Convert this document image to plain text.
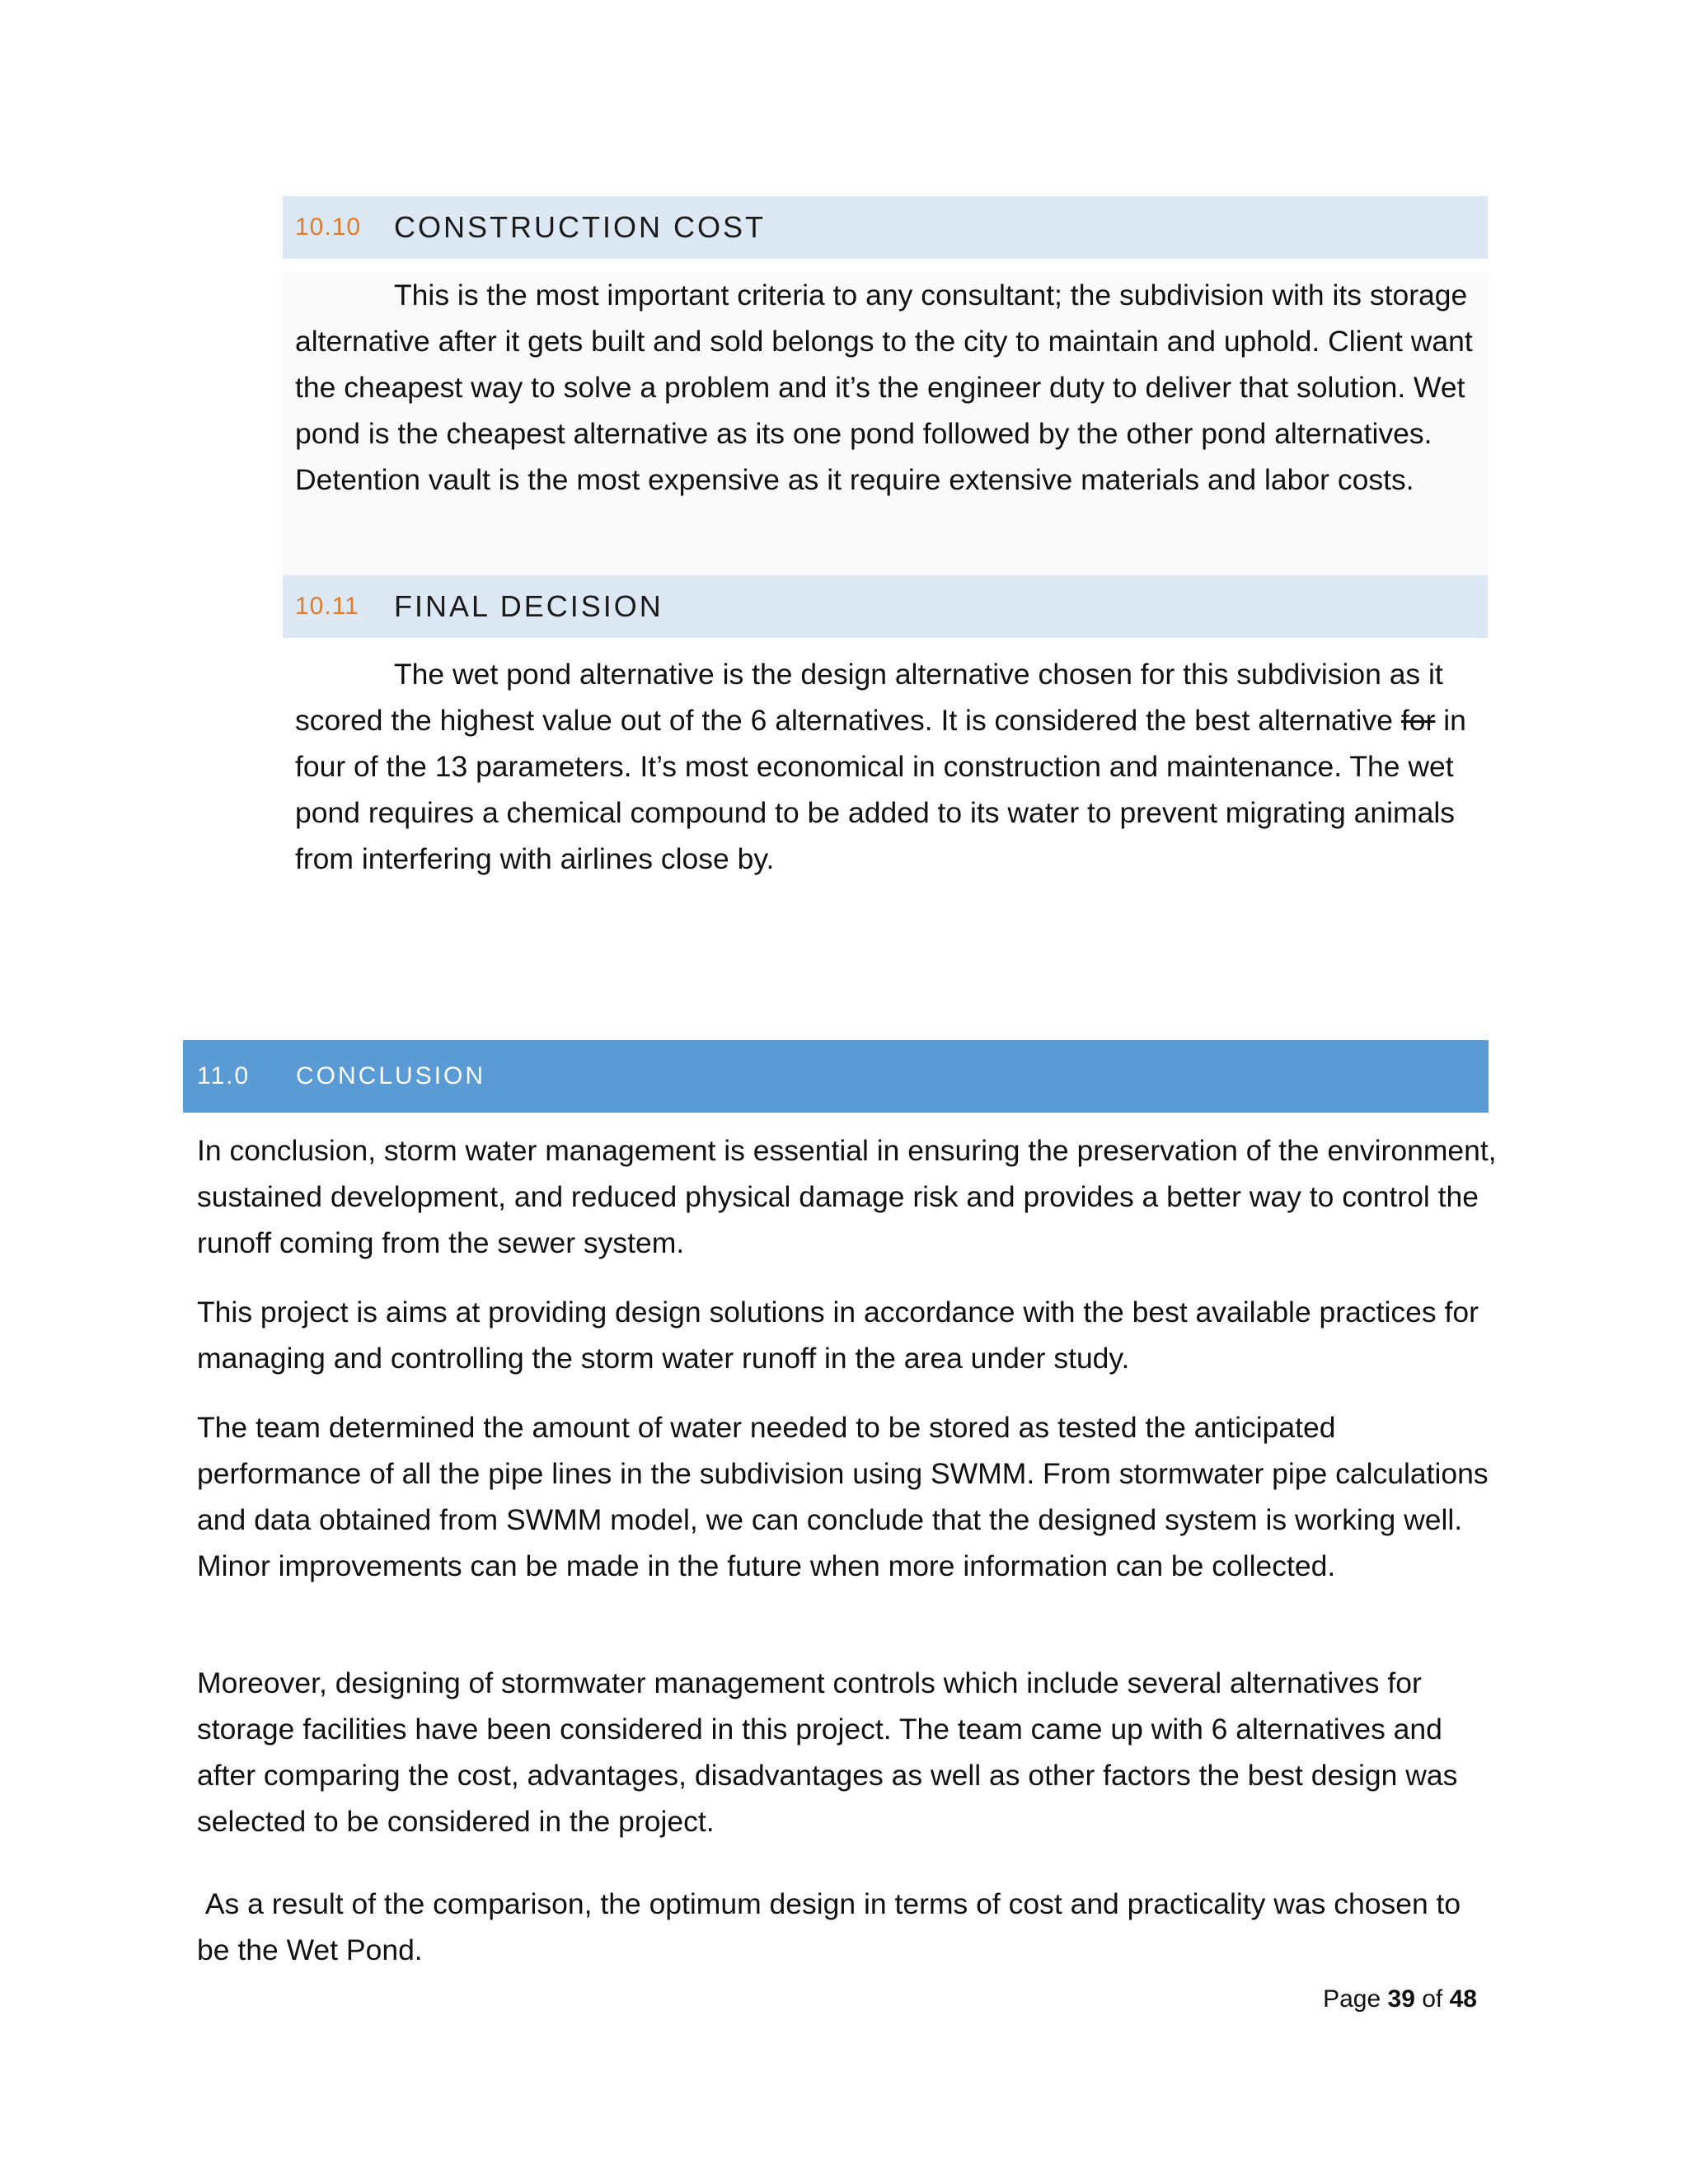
10.10	CONSTRUCTION COST

This is the most important criteria to any consultant; the subdivision with its storage alternative after it gets built and sold belongs to the city to maintain and uphold. Client want the cheapest way to solve a problem and it’s the engineer duty to deliver that solution. Wet pond is the cheapest alternative as its one pond followed by the other pond alternatives. Detention vault is the most expensive as it require extensive materials and labor costs.

10.11	FINAL DECISION

The wet pond alternative is the design alternative chosen for this subdivision as it scored the highest value out of the 6 alternatives. It is considered the best alternative for in four of the 13 parameters. It’s most economical in construction and maintenance. The wet pond requires a chemical compound to be added to its water to prevent migrating animals from interfering with airlines close by.

11.0	CONCLUSION

In conclusion, storm water management is essential in ensuring the preservation of the environment, sustained development, and reduced physical damage risk and provides a better way to control the runoff coming from the sewer system.

This project is aims at providing design solutions in accordance with the best available practices for managing and controlling the storm water runoff in the area under study.

The team determined the amount of water needed to be stored as tested the anticipated performance of all the pipe lines in the subdivision using SWMM. From stormwater pipe calculations and data obtained from SWMM model, we can conclude that the designed system is working well. Minor improvements can be made in the future when more information can be collected.

Moreover, designing of stormwater management controls which include several alternatives for storage facilities have been considered in this project. The team came up with 6 alternatives and after comparing the cost, advantages, disadvantages as well as other factors the best design was selected to be considered in the project.

As a result of the comparison, the optimum design in terms of cost and practicality was chosen to be the Wet Pond.

Page 39 of 48
